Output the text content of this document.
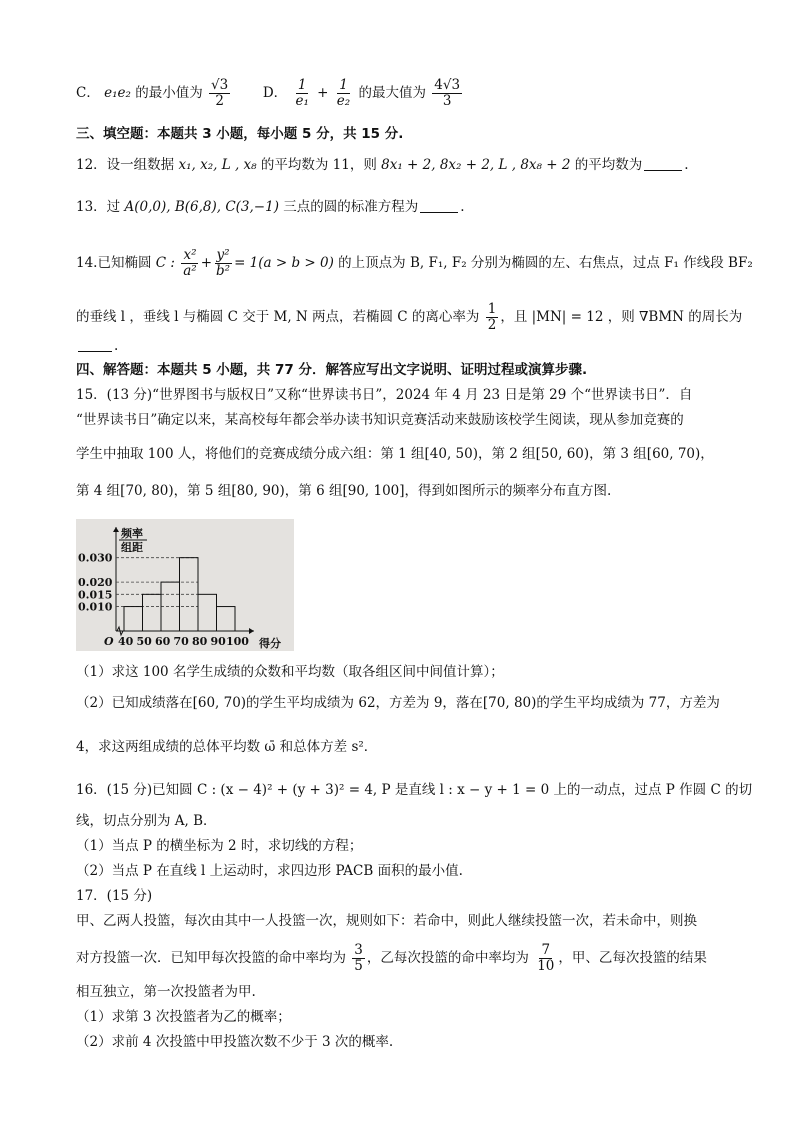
C． e₁e₂ 的最小值为 $\frac{√3}{2}$ D． $\frac{1}{\text{e₁}} + \frac{1}{\text{e₂}}$ 的最大值为 $\frac{4√3}{3}$
三、填空题：本题共 3 小题，每小题 5 分，共 15 分.
12．设一组数据 x₁, x₂, L , x₈ 的平均数为 11，则 8x₁ + 2, 8x₂ + 2, L , 8x₈ + 2 的平均数为	.
13．过 A(0,0), B(6,8), C(3,−1) 三点的圆的标准方程为	.
14.已知椭圆 C : $\frac{\text{x²}}{\text{a²}} + \frac{\text{y²}}{\text{b²}} = 1(a > b > 0)$ 的上顶点为 B, F₁, F₂ 分别为椭圆的左、右焦点，过点 F₁ 作线段 BF₂
的垂线 l ，垂线 l 与椭圆 C 交于 M, N 两点，若椭圆 C 的离心率为 $\frac{1}{2}$ ，且 |MN| = 12 ，则 ∇BMN 的周长为
.
四、解答题：本题共 5 小题，共 77 分．解答应写出文字说明、证明过程或演算步骤.
15．(13 分)“世界图书与版权日”又称“世界读书日”，2024 年 4 月 23 日是第 29 个“世界读书日”．自
“世界读书日”确定以来，某高校每年都会举办读书知识竞赛活动来鼓励该校学生阅读，现从参加竞赛的
学生中抽取 100 人，将他们的竞赛成绩分成六组：第 1 组[40, 50)，第 2 组[50, 60)，第 3 组[60, 70)，
第 4 组[70, 80)，第 5 组[80, 90)，第 6 组[90, 100]，得到如图所示的频率分布直方图.
频率
组距
0.030
0.020
0.015
0.010
40 50 60 70 80 90 100
O	得分
（1）求这 100 名学生成绩的众数和平均数（取各组区间中间值计算）；
（2）已知成绩落在[60, 70)的学生平均成绩为 62，方差为 9，落在[70, 80)的学生平均成绩为 77，方差为
4，求这两组成绩的总体平均数 ω̄ 和总体方差 s²．
16．(15 分)已知圆 C : (x − 4)² + (y + 3)² = 4, P 是直线 l : x − y + 1 = 0 上的一动点，过点 P 作圆 C 的切
线，切点分别为 A, B．
（1）当点 P 的横坐标为 2 时，求切线的方程；
（2）当点 P 在直线 l 上运动时，求四边形 PACB 面积的最小值.
17．(15 分)
甲、乙两人投篮，每次由其中一人投篮一次，规则如下：若命中，则此人继续投篮一次，若未命中，则换
对方投篮一次．已知甲每次投篮的命中率均为 $\frac{3}{5}$ ，乙每次投篮的命中率均为 $\frac{7}{10}$ ，甲、乙每次投篮的结果
相互独立，第一次投篮者为甲.
（1）求第 3 次投篮者为乙的概率；
（2）求前 4 次投篮中甲投篮次数不少于 3 次的概率.
